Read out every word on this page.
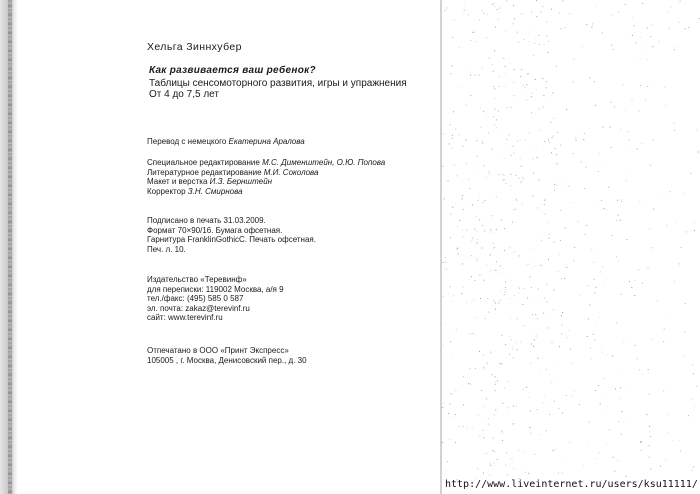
Хельга Зиннхубер
Как развивается ваш ребенок?
Таблицы сенсомоторного развития, игры и упражнения
От 4 до 7,5 лет
Перевод с немецкого Екатерина Аралова
Специальное редактирование М.С. Дименштейн, О.Ю. Попова
Литературное редактирование М.И. Соколова
Макет и верстка И.З. Бернштейн
Корректор З.Н. Смирнова
Подписано в печать 31.03.2009.
Формат 70×90/16. Бумага офсетная.
Гарнитура FranklinGothicC. Печать офсетная.
Печ. л. 10.
Издательство «Теревинф»
для переписки: 119002 Москва, а/я 9
тел./факс: (495) 585 0 587
эл. почта: zakaz@terevinf.ru
сайт: www.terevinf.ru
Отпечатано в ООО «Принт Экспресс»
105005 , г. Москва, Денисовский пер., д. 30
http://www.liveinternet.ru/users/ksu11111/
